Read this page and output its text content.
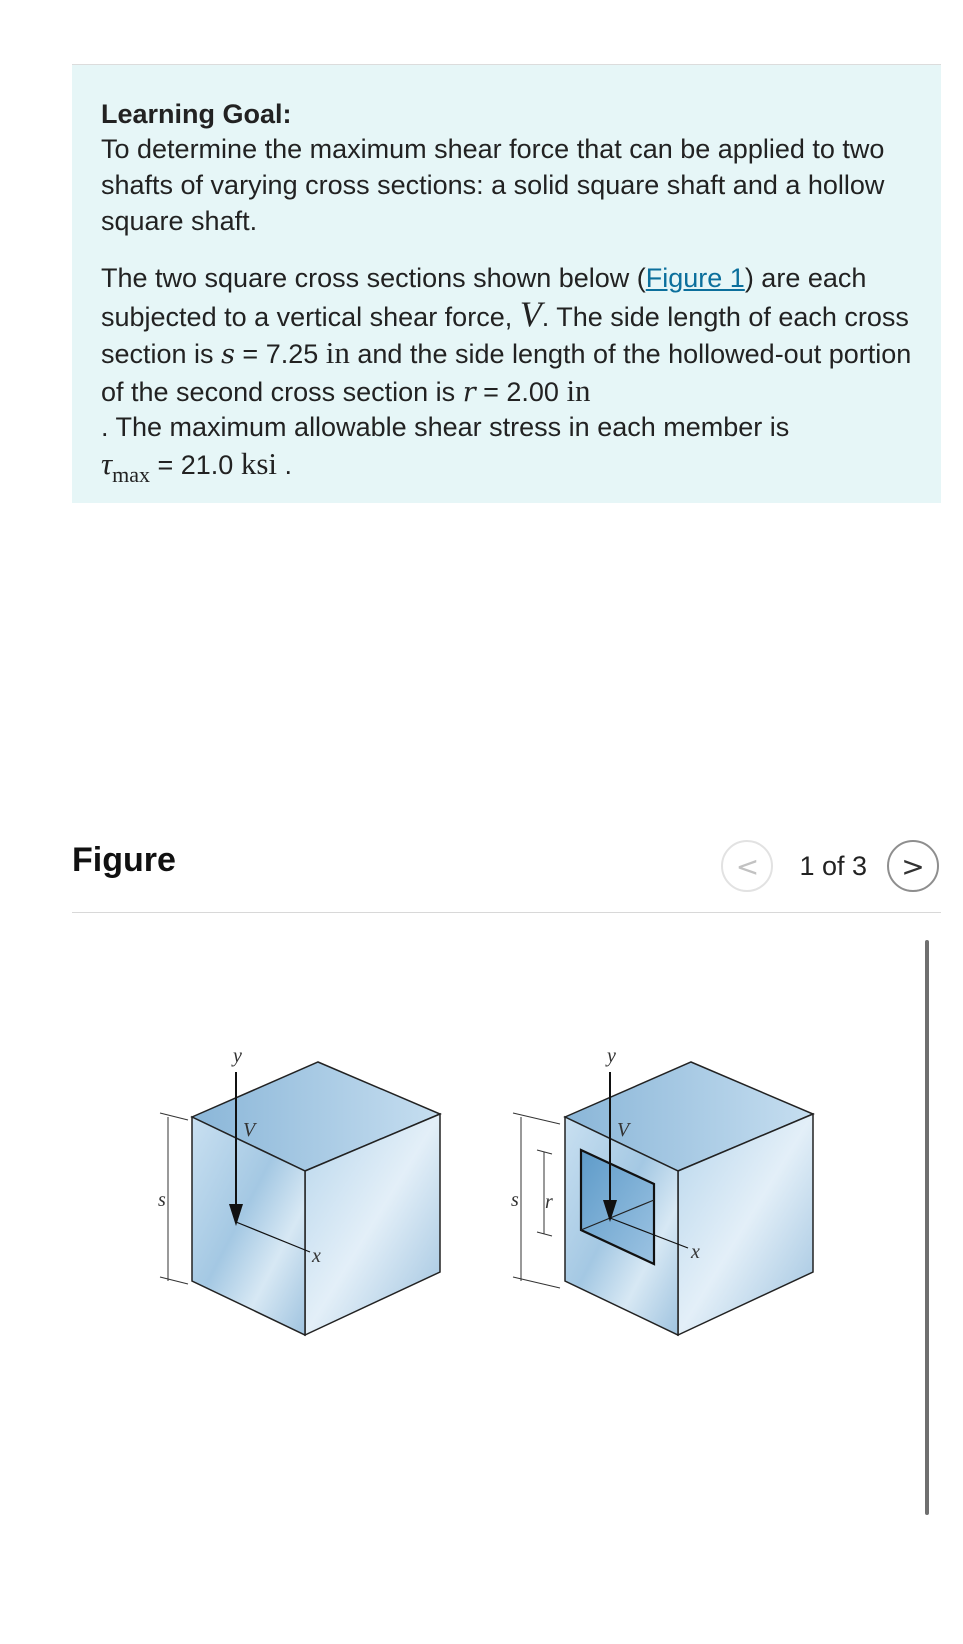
Learning Goal:

To determine the maximum shear force that can be applied to two shafts of varying cross sections: a solid square shaft and a hollow square shaft.

The two square cross sections shown below (Figure 1) are each subjected to a vertical shear force, V. The side length of each cross section is s = 7.25 in and the side length of the hollowed-out portion of the second cross section is r = 2.00 in
. The maximum allowable shear stress in each member is
$\tau_{max} = 21.0$ ksi .

Figure	< 1 of 3 >
y
V
s
x
y
V
s r
x
